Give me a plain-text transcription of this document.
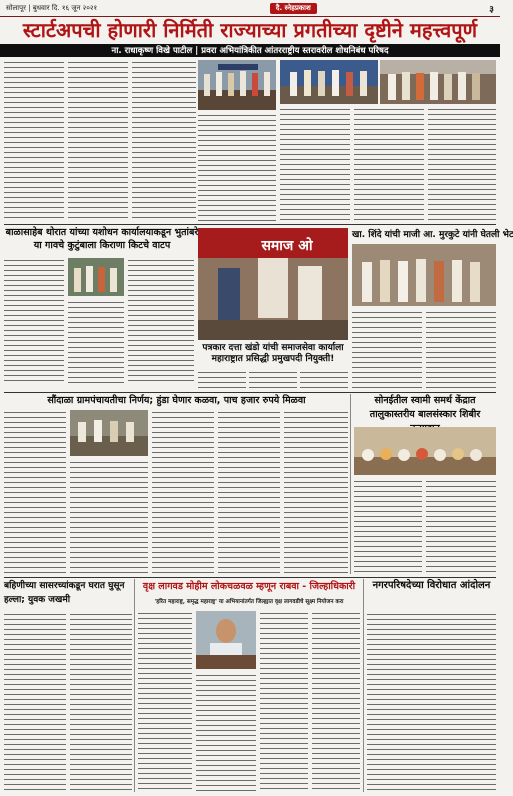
सोलापूर | बुधवार दि. १६ जून २०२१	दै. स्नेहप्रकाश	३
स्टार्टअपची होणारी निर्मिती राज्याच्या प्रगतीच्या दृष्टीने महत्त्वपूर्ण
ना. राधाकृष्ण विखे पाटील | प्रवरा अभियांत्रिकीत आंतरराष्ट्रीय स्तरावरील शोधनिबंध परिषद
बाळासाहेब थोरात यांच्या यशोधन कार्यालयाकडून भुतांबरे या गावचे कुटुंबाला किराणा किटचे वाटप	समाज ओ
पत्रकार दत्ता खंडो यांची समाजसेवा कार्याला महाराष्ट्रात प्रसिद्धी प्रमुखपदी नियुक्ती!
खा. शिंदे यांची माजी आ. मुरकुटे यांनी घेतली भेट
सौंदाळा ग्रामपंचायतीचा निर्णय; हुंडा घेणार कळवा, पाच हजार रुपये मिळवा	सोनईतील स्वामी समर्थ केंद्रात तालुकास्तरीय बालसंस्कार शिबीर
बहिणीच्या सासरच्यांकडून घरात घुसून हल्ला; युवक जखमी
वृक्ष लागवड मोहीम लोकचळवळ म्हणून राबवा - जिल्हाधिकारी
'हरित महाराष्ट्र, समृद्ध महाराष्ट्र' या अभियानांतर्गत जिल्ह्यात वृक्ष लागवडीचे सूक्ष्म नियोजन करा
नगरपरिषदेच्या विरोधात आंदोलन
